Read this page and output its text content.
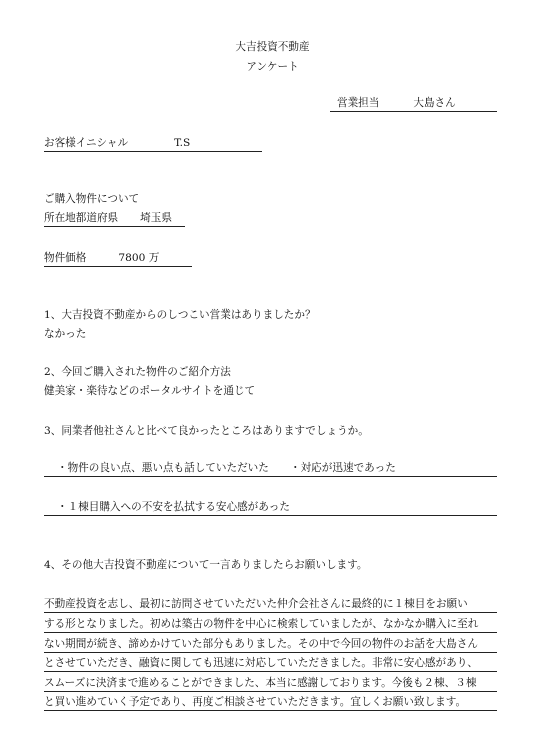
大吉投資不動産
アンケート
営業担当	大島さん
お客様イニシャル	T.S
ご購入物件について
所在地都道府県 埼玉県
物件価格	7800 万
1、大吉投資不動産からのしつこい営業はありましたか？
なかった
2、今回ご購入された物件のご紹介方法
健美家・楽待などのポータルサイトを通じて
3、同業者他社さんと比べて良かったところはありますでしょうか。
・物件の良い点、悪い点も話していただいた ・対応が迅速であった
・１棟目購入への不安を払拭する安心感があった
4、その他大吉投資不動産について一言ありましたらお願いします。
不動産投資を志し、最初に訪問させていただいた仲介会社さんに最終的に１棟目をお願い
する形となりました。初めは築古の物件を中心に検索していましたが、なかなか購入に至れ
ない期間が続き、諦めかけていた部分もありました。その中で今回の物件のお話を大島さん
とさせていただき、融資に関しても迅速に対応していただきました。非常に安心感があり、
スムーズに決済まで進めることができました、本当に感謝しております。今後も２棟、３棟
と買い進めていく予定であり、再度ご相談させていただきます。宜しくお願い致します。
